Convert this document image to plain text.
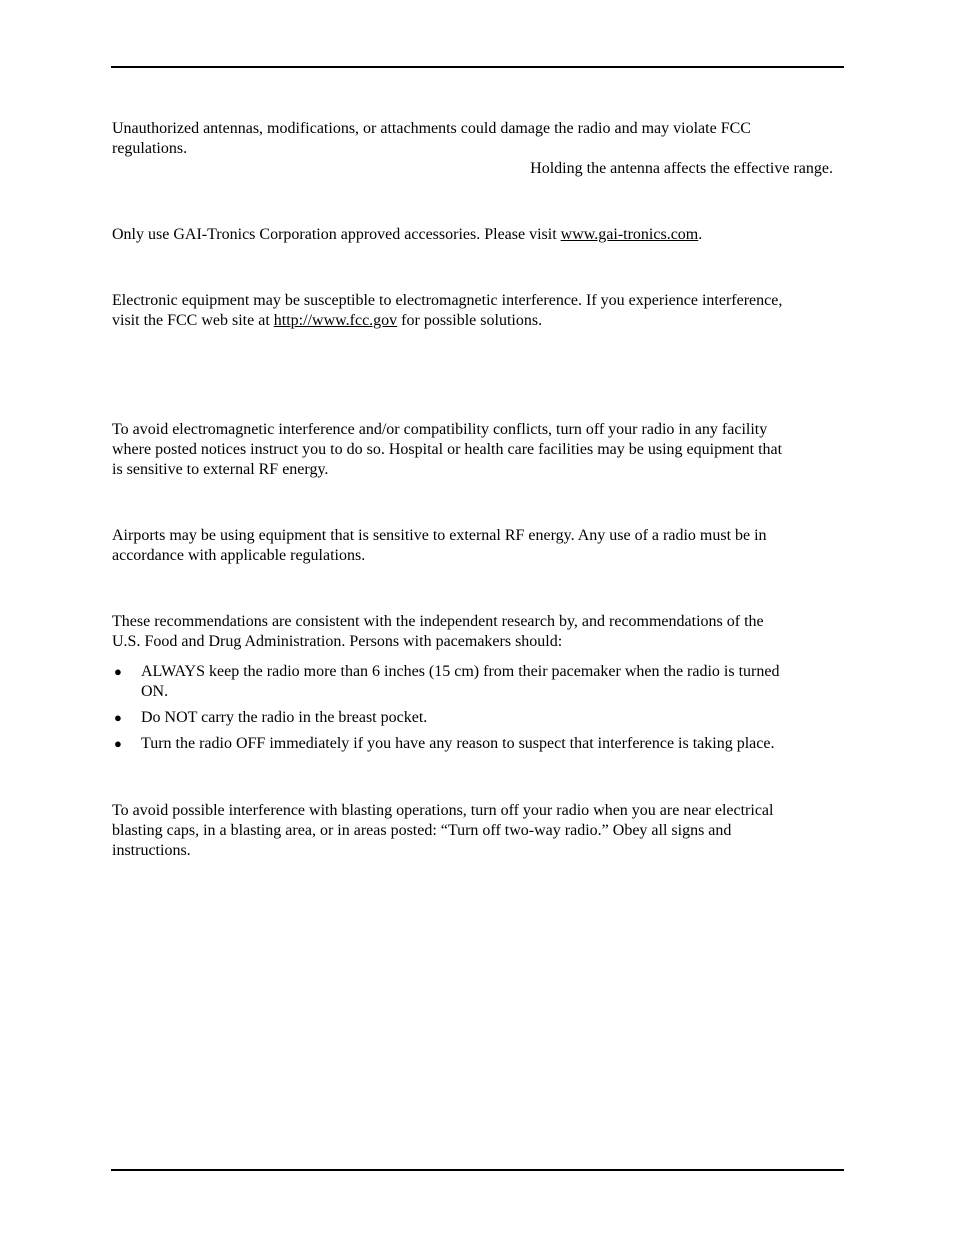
Unauthorized antennas, modifications, or attachments could damage the radio and may violate FCC
regulations.

Holding the antenna affects the effective range.

Only use GAI-Tronics Corporation approved accessories. Please visit www.gai-tronics.com.

Electronic equipment may be susceptible to electromagnetic interference. If you experience interference,
visit the FCC web site at http://www.fcc.gov for possible solutions.

To avoid electromagnetic interference and/or compatibility conflicts, turn off your radio in any facility
where posted notices instruct you to do so. Hospital or health care facilities may be using equipment that
is sensitive to external RF energy.

Airports may be using equipment that is sensitive to external RF energy. Any use of a radio must be in
accordance with applicable regulations.

These recommendations are consistent with the independent research by, and recommendations of the
U.S. Food and Drug Administration. Persons with pacemakers should:

● ALWAYS keep the radio more than 6 inches (15 cm) from their pacemaker when the radio is turned
ON.
● Do NOT carry the radio in the breast pocket.
● Turn the radio OFF immediately if you have any reason to suspect that interference is taking place.

To avoid possible interference with blasting operations, turn off your radio when you are near electrical
blasting caps, in a blasting area, or in areas posted: “Turn off two-way radio.” Obey all signs and
instructions.
